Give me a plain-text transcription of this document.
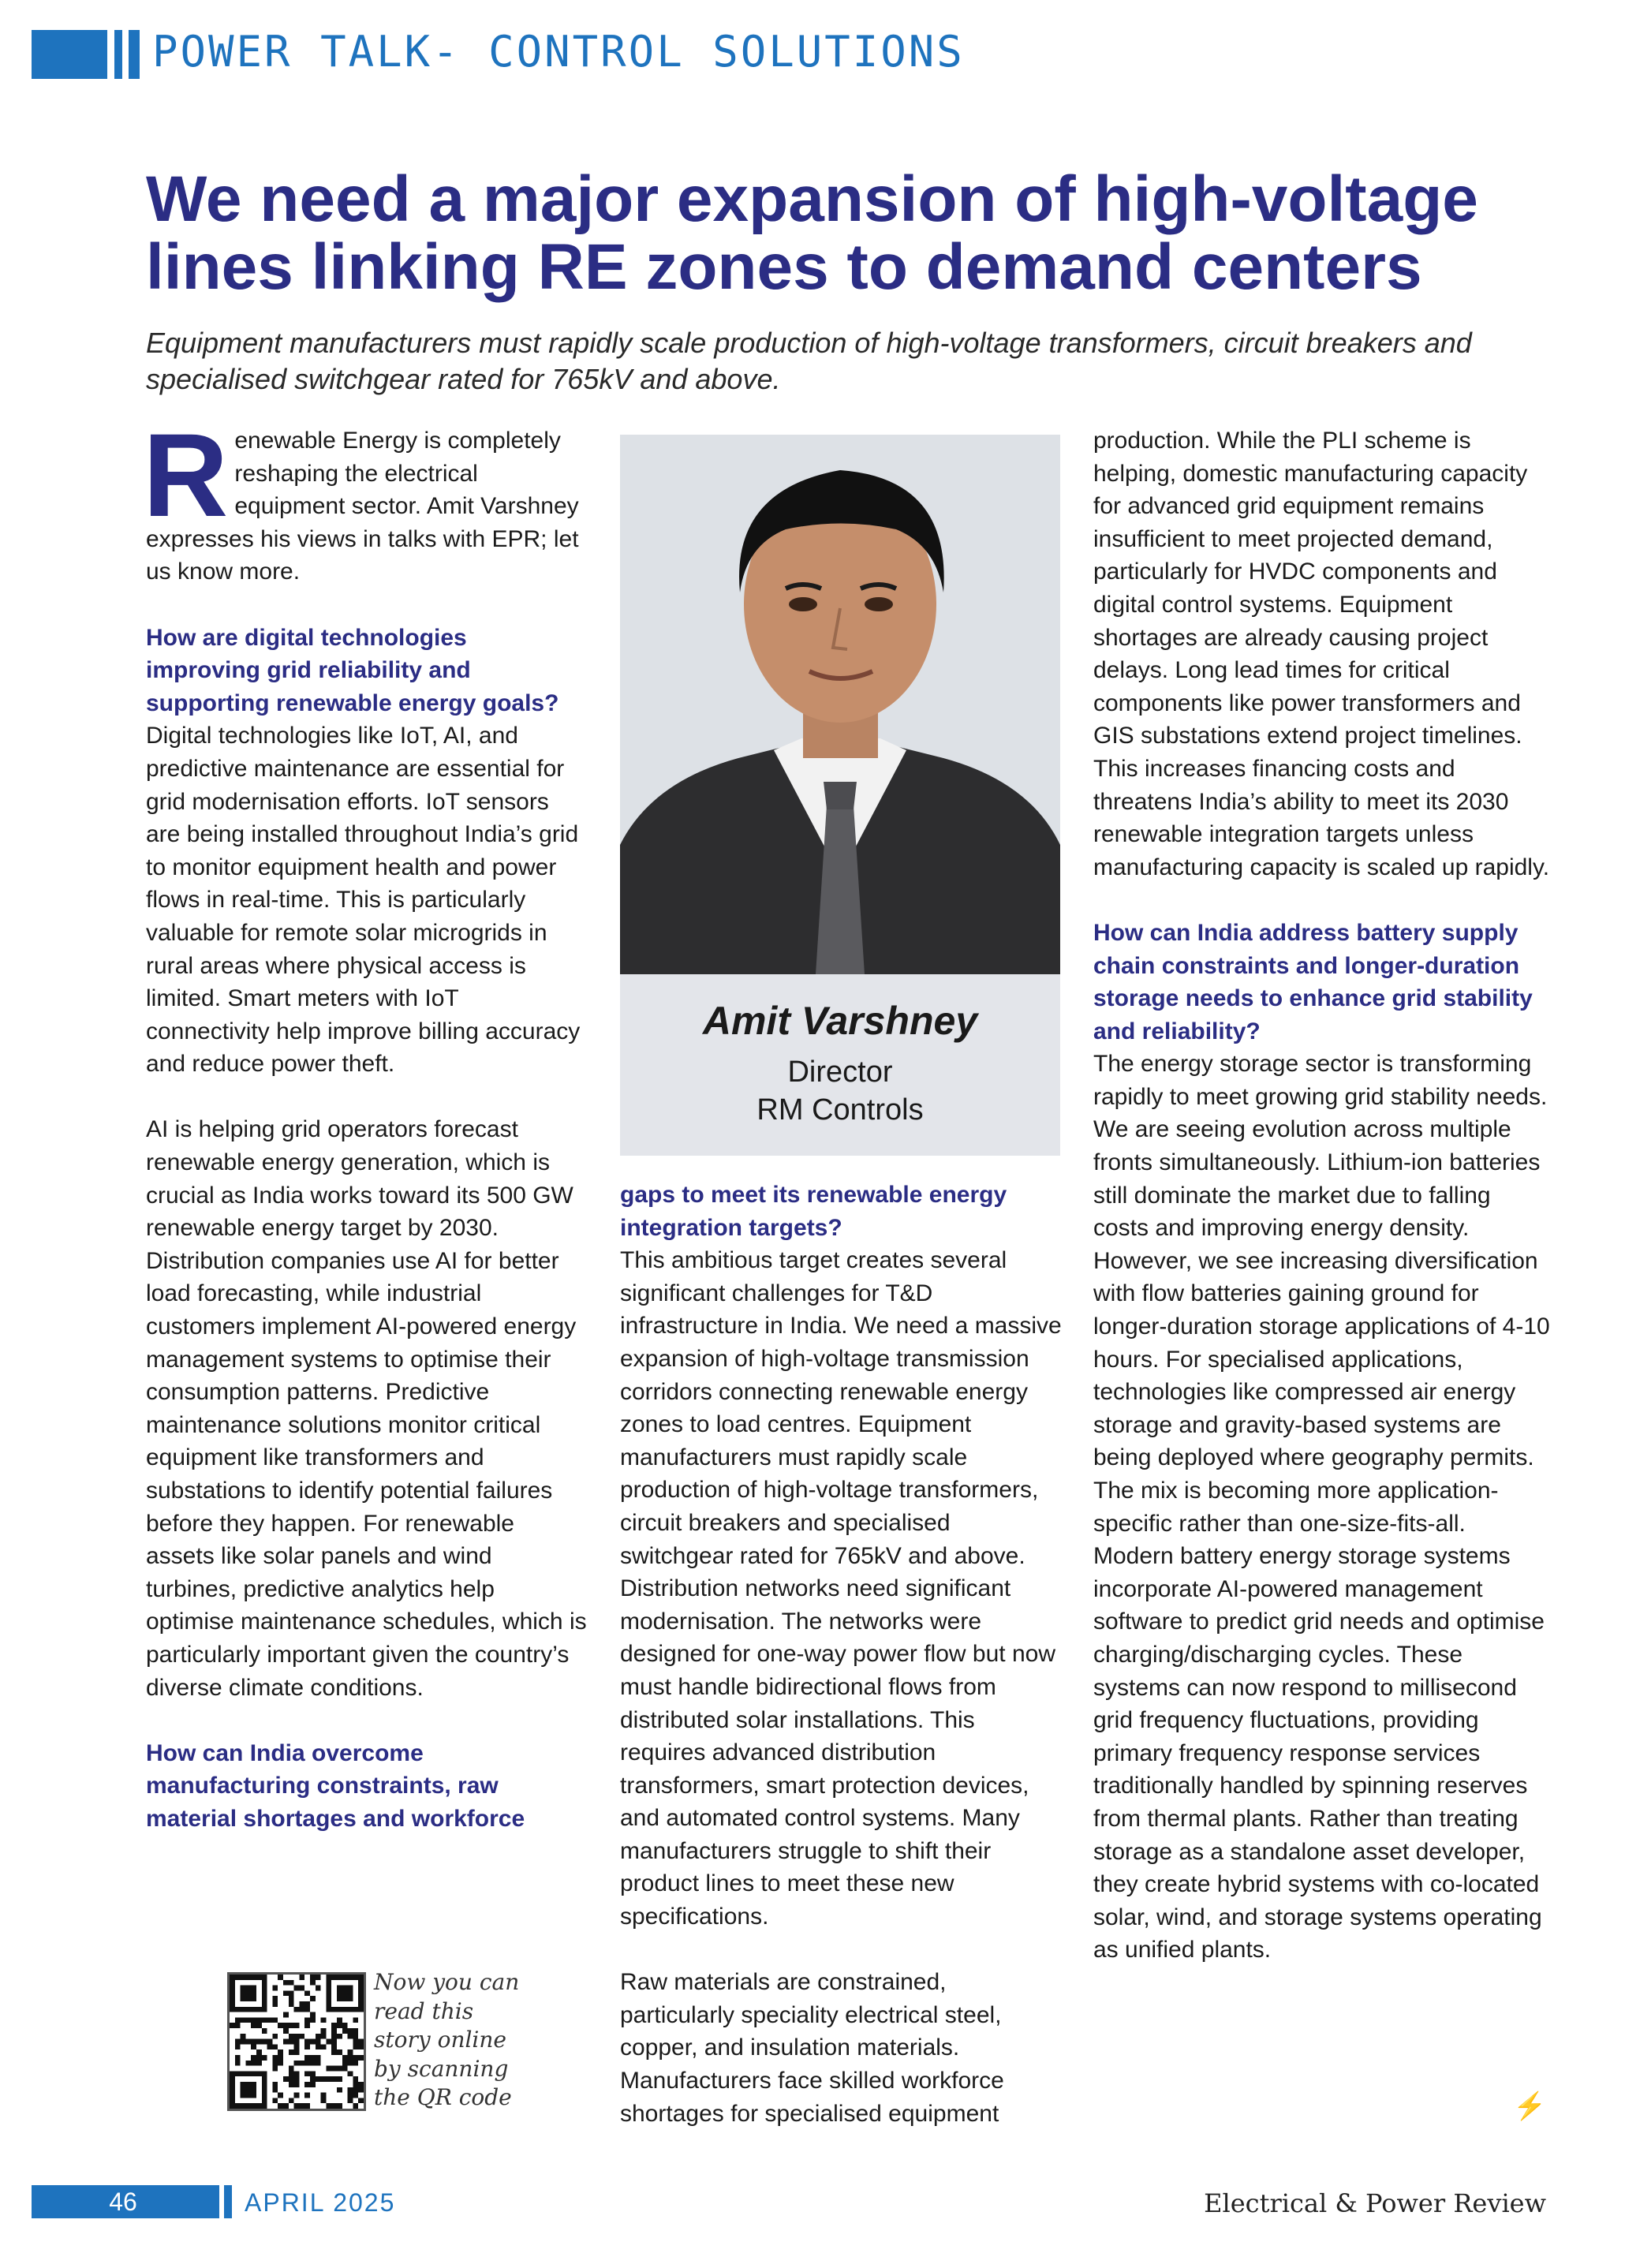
POWER TALK- CONTROL SOLUTIONS
We need a major expansion of high-voltage lines linking RE zones to demand centers
Equipment manufacturers must rapidly scale production of high-voltage transformers, circuit breakers and specialised switchgear rated for 765kV and above.

Renewable Energy is completely reshaping the electrical equipment sector. Amit Varshney expresses his views in talks with EPR; let us know more.

How are digital technologies improving grid reliability and supporting renewable energy goals?

Digital technologies like IoT, AI, and predictive maintenance are essential for grid modernisation efforts. IoT sensors are being installed throughout India’s grid to monitor equipment health and power flows in real-time. This is particularly valuable for remote solar microgrids in rural areas where physical access is limited. Smart meters with IoT connectivity help improve billing accuracy and reduce power theft.

AI is helping grid operators forecast renewable energy generation, which is crucial as India works toward its 500 GW renewable energy target by 2030. Distribution companies use AI for better load forecasting, while industrial customers implement AI-powered energy management systems to optimise their consumption patterns. Predictive maintenance solutions monitor critical equipment like transformers and substations to identify potential failures before they happen. For renewable assets like solar panels and wind turbines, predictive analytics help optimise maintenance schedules, which is particularly important given the country’s diverse climate conditions.

How can India overcome manufacturing constraints, raw material shortages and workforce

Amit Varshney
Director
RM Controls

gaps to meet its renewable energy integration targets?

This ambitious target creates several significant challenges for T&D infrastructure in India. We need a massive expansion of high-voltage transmission corridors connecting renewable energy zones to load centres. Equipment manufacturers must rapidly scale production of high-voltage transformers, circuit breakers and specialised switchgear rated for 765kV and above. Distribution networks need significant modernisation. The networks were designed for one-way power flow but now must handle bidirectional flows from distributed solar installations. This requires advanced distribution transformers, smart protection devices, and automated control systems. Many manufacturers struggle to shift their product lines to meet these new specifications.

Raw materials are constrained, particularly speciality electrical steel, copper, and insulation materials. Manufacturers face skilled workforce shortages for specialised equipment

production. While the PLI scheme is helping, domestic manufacturing capacity for advanced grid equipment remains insufficient to meet projected demand, particularly for HVDC components and digital control systems. Equipment shortages are already causing project delays. Long lead times for critical components like power transformers and GIS substations extend project timelines. This increases financing costs and threatens India’s ability to meet its 2030 renewable integration targets unless manufacturing capacity is scaled up rapidly.

How can India address battery supply chain constraints and longer-duration storage needs to enhance grid stability and reliability?

The energy storage sector is transforming rapidly to meet growing grid stability needs. We are seeing evolution across multiple fronts simultaneously. Lithium-ion batteries still dominate the market due to falling costs and improving energy density. However, we see increasing diversification with flow batteries gaining ground for longer-duration storage applications of 4-10 hours. For specialised applications, technologies like compressed air energy storage and gravity-based systems are being deployed where geography permits. The mix is becoming more application-specific rather than one-size-fits-all. Modern battery energy storage systems incorporate AI-powered management software to predict grid needs and optimise charging/discharging cycles. These systems can now respond to millisecond grid frequency fluctuations, providing primary frequency response services traditionally handled by spinning reserves from thermal plants. Rather than treating storage as a standalone asset developer, they create hybrid systems with co-located solar, wind, and storage systems operating as unified plants.

Now you can read this story online by scanning the QR code	⚡
46	APRIL 2025	Electrical & Power Review
